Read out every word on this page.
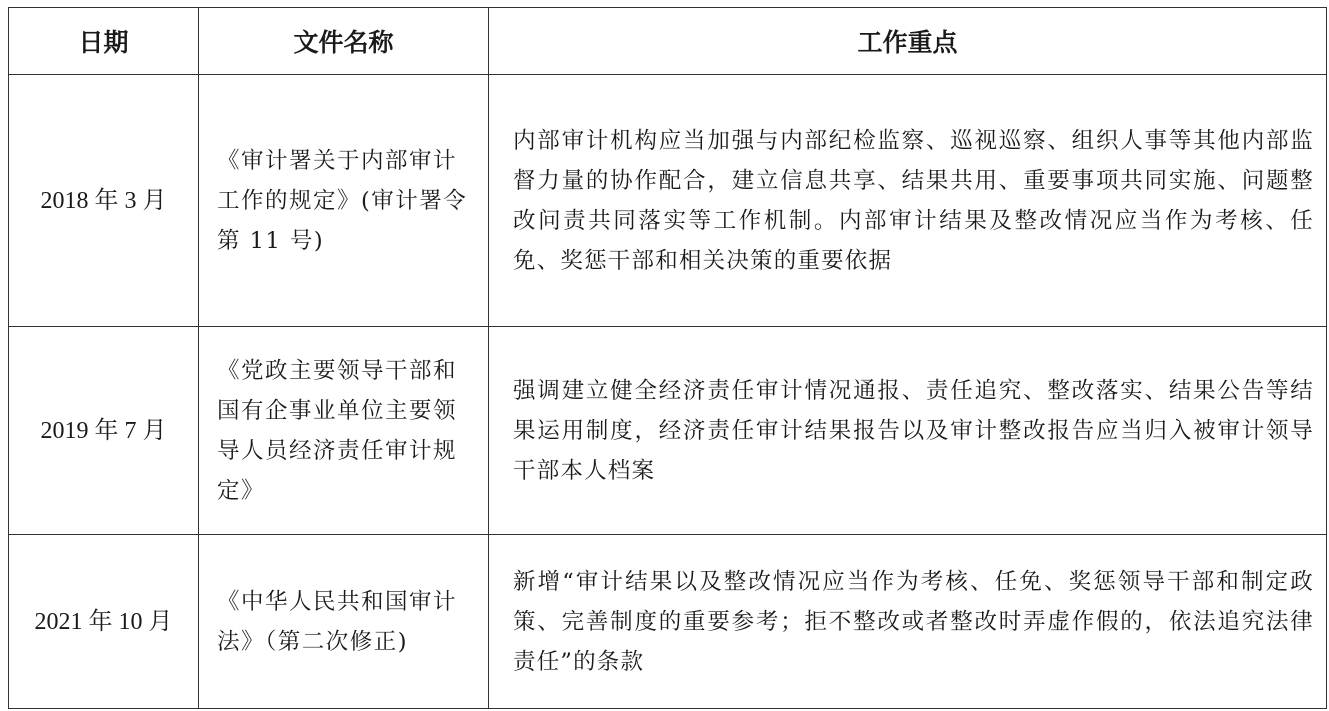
日期	文件名称	工作重点
2018 年 3 月	《审计署关于内部审计工作的规定》(审计署令第 11 号)	内部审计机构应当加强与内部纪检监察、巡视巡察、组织人事等其他内部监督力量的协作配合，建立信息共享、结果共用、重要事项共同实施、问题整改问责共同落实等工作机制。内部审计结果及整改情况应当作为考核、任免、奖惩干部和相关决策的重要依据
2019 年 7 月	《党政主要领导干部和国有企事业单位主要领导人员经济责任审计规定》	强调建立健全经济责任审计情况通报、责任追究、整改落实、结果公告等结果运用制度，经济责任审计结果报告以及审计整改报告应当归入被审计领导干部本人档案
2021 年 10 月	《中华人民共和国审计法》（第二次修正)	新增“审计结果以及整改情况应当作为考核、任免、奖惩领导干部和制定政策、完善制度的重要参考；拒不整改或者整改时弄虚作假的，依法追究法律责任”的条款
